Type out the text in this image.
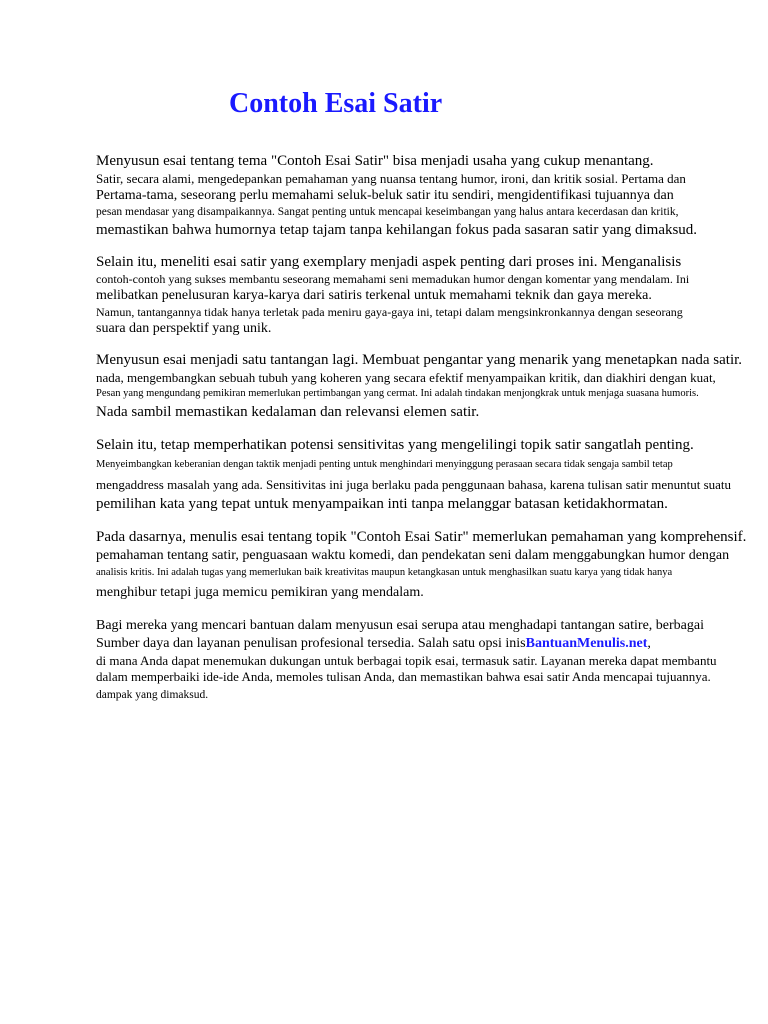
Contoh Esai Satir
Menyusun esai tentang tema "Contoh Esai Satir" bisa menjadi usaha yang cukup menantang.
Satir, secara alami, mengedepankan pemahaman yang nuansa tentang humor, ironi, dan kritik sosial. Pertama dan
Pertama-tama, seseorang perlu memahami seluk-beluk satir itu sendiri, mengidentifikasi tujuannya dan
pesan mendasar yang disampaikannya. Sangat penting untuk mencapai keseimbangan yang halus antara kecerdasan dan kritik,
memastikan bahwa humornya tetap tajam tanpa kehilangan fokus pada sasaran satir yang dimaksud.
Selain itu, meneliti esai satir yang exemplary menjadi aspek penting dari proses ini. Menganalisis
contoh-contoh yang sukses membantu seseorang memahami seni memadukan humor dengan komentar yang mendalam. Ini
melibatkan penelusuran karya-karya dari satiris terkenal untuk memahami teknik dan gaya mereka.
Namun, tantangannya tidak hanya terletak pada meniru gaya-gaya ini, tetapi dalam mengsinkronkannya dengan seseorang
suara dan perspektif yang unik.
Menyusun esai menjadi satu tantangan lagi. Membuat pengantar yang menarik yang menetapkan nada satir.
nada, mengembangkan sebuah tubuh yang koheren yang secara efektif menyampaikan kritik, dan diakhiri dengan kuat,
Pesan yang mengundang pemikiran memerlukan pertimbangan yang cermat. Ini adalah tindakan menjongkrak untuk menjaga suasana humoris.
Nada sambil memastikan kedalaman dan relevansi elemen satir.
Selain itu, tetap memperhatikan potensi sensitivitas yang mengelilingi topik satir sangatlah penting.
Menyeimbangkan keberanian dengan taktik menjadi penting untuk menghindari menyinggung perasaan secara tidak sengaja sambil tetap
mengaddress masalah yang ada. Sensitivitas ini juga berlaku pada penggunaan bahasa, karena tulisan satir menuntut suatu
pemilihan kata yang tepat untuk menyampaikan inti tanpa melanggar batasan ketidakhormatan.
Pada dasarnya, menulis esai tentang topik "Contoh Esai Satir" memerlukan pemahaman yang komprehensif.
pemahaman tentang satir, penguasaan waktu komedi, dan pendekatan seni dalam menggabungkan humor dengan
analisis kritis. Ini adalah tugas yang memerlukan baik kreativitas maupun ketangkasan untuk menghasilkan suatu karya yang tidak hanya
menghibur tetapi juga memicu pemikiran yang mendalam.
Bagi mereka yang mencari bantuan dalam menyusun esai serupa atau menghadapi tantangan satire, berbagai
Sumber daya dan layanan penulisan profesional tersedia. Salah satu opsi inisBantuanMenulis.net,
di mana Anda dapat menemukan dukungan untuk berbagai topik esai, termasuk satir. Layanan mereka dapat membantu
dalam memperbaiki ide-ide Anda, memoles tulisan Anda, dan memastikan bahwa esai satir Anda mencapai tujuannya.
dampak yang dimaksud.
